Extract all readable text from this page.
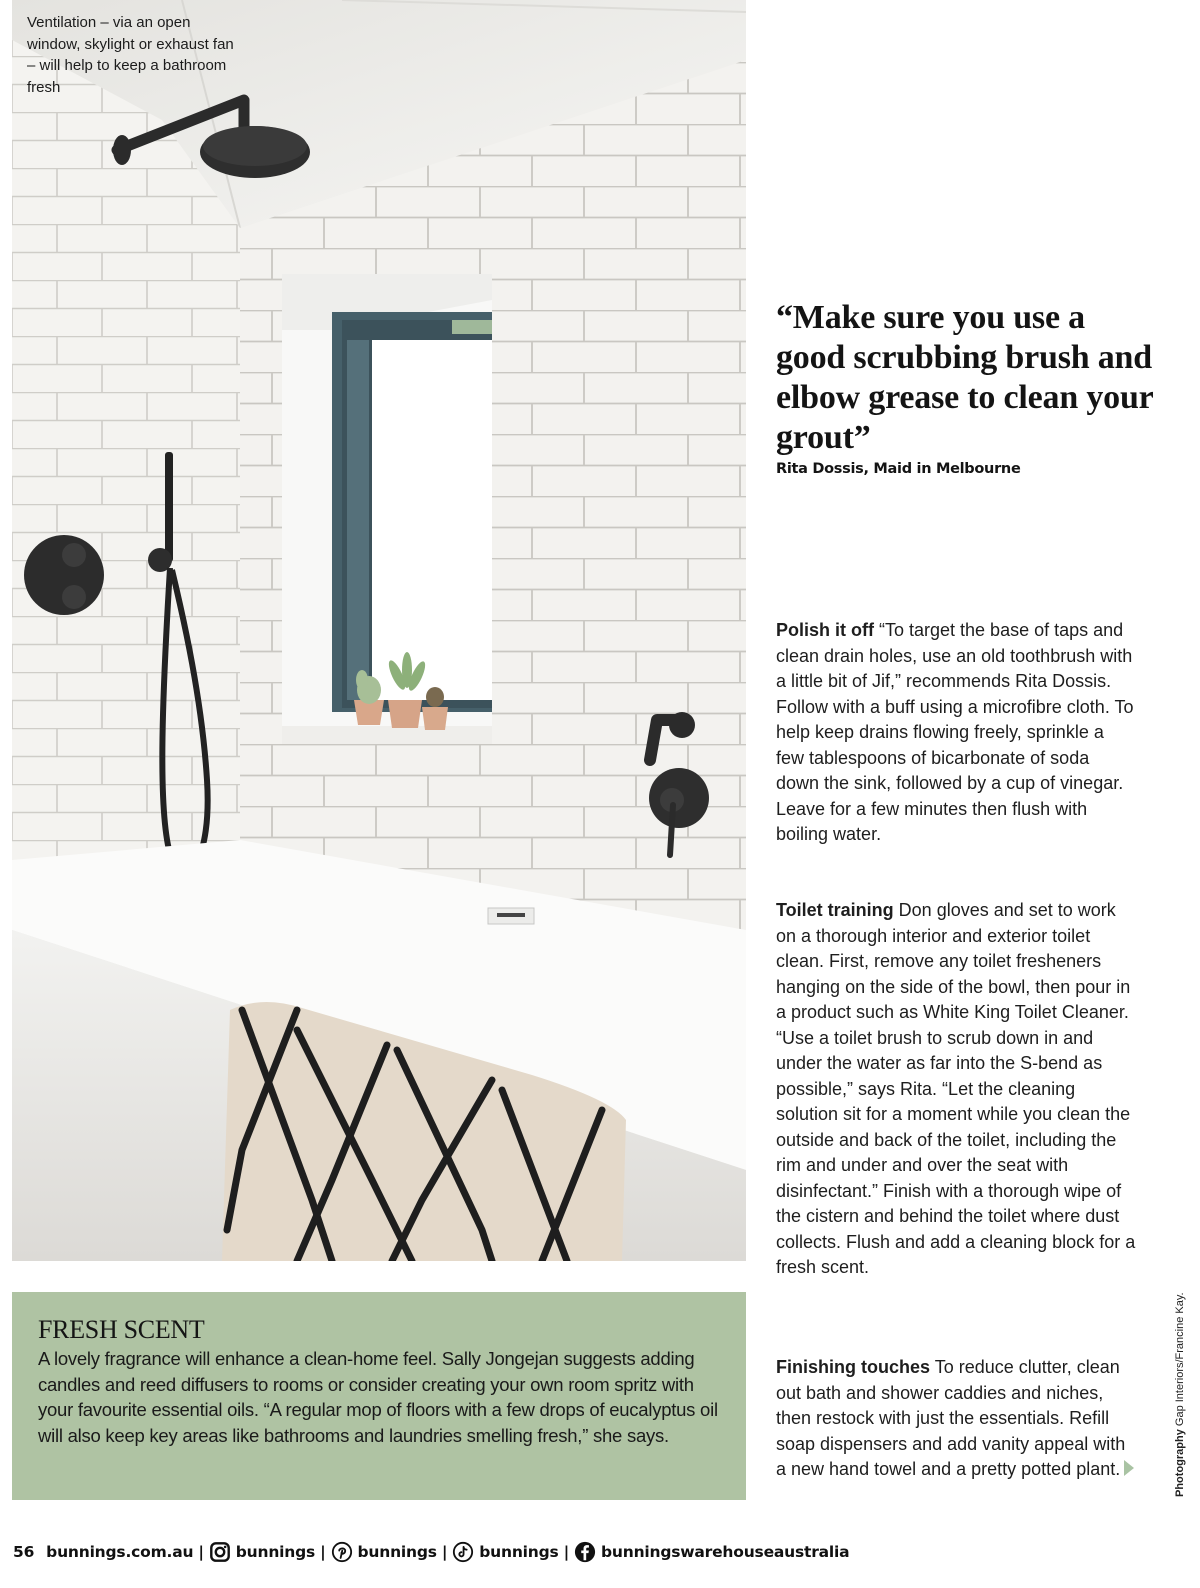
Ventilation – via an open window, skylight or exhaust fan – will help to keep a bathroom fresh
“Make sure you use a good scrubbing brush and elbow grease to clean your grout”
Rita Dossis, Maid in Melbourne

Polish it off “To target the base of taps and clean drain holes, use an old toothbrush with a little bit of Jif,” recommends Rita Dossis. Follow with a buff using a microfibre cloth. To help keep drains flowing freely, sprinkle a few tablespoons of bicarbonate of soda down the sink, followed by a cup of vinegar. Leave for a few minutes then flush with boiling water.

Toilet training Don gloves and set to work on a thorough interior and exterior toilet clean. First, remove any toilet fresheners hanging on the side of the bowl, then pour in a product such as White King Toilet Cleaner. “Use a toilet brush to scrub down in and under the water as far into the S-bend as possible,” says Rita. “Let the cleaning solution sit for a moment while you clean the outside and back of the toilet, including the rim and under and over the seat with disinfectant.” Finish with a thorough wipe of the cistern and behind the toilet where dust collects. Flush and add a cleaning block for a fresh scent.

Finishing touches To reduce clutter, clean out bath and shower caddies and niches, then restock with just the essentials. Refill soap dispensers and add vanity appeal with a new hand towel and a pretty potted plant.	Photography Gap Interiors/Francine Kay.
FRESH SCENT
A lovely fragrance will enhance a clean-home feel. Sally Jongejan suggests adding candles and reed diffusers to rooms or consider creating your own room spritz with your favourite essential oils. “A regular mop of floors with a few drops of eucalyptus oil will also keep key areas like bathrooms and laundries smelling fresh,” she says.
56 bunnings.com.au | bunnings | bunnings | bunnings | bunningswarehouseaustralia
